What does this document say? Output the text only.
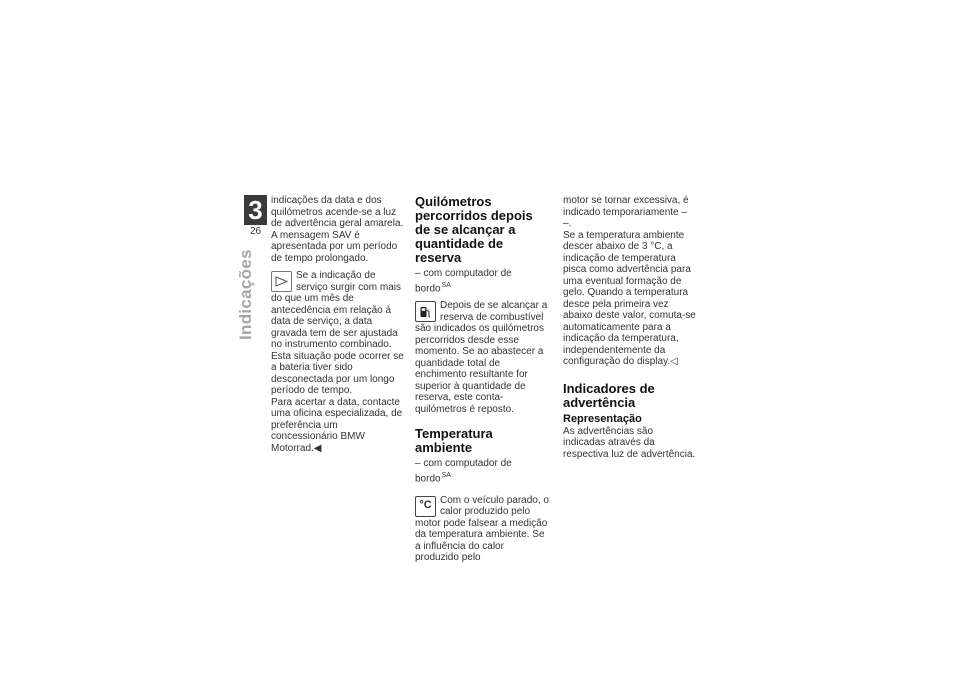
3
26
Indicações

indicações da data e dos quilómetros acende-se a luz de advertência geral amarela. A mensagem SAV é apresentada por um período de tempo prolongado.

Se a indicação de serviço surgir com mais do que um mês de antecedência em relação à data de serviço, a data gravada tem de ser ajustada no instrumento combinado. Esta situação pode ocorrer se a bateria tiver sido desconectada por um longo período de tempo.

Para acertar a data, contacte uma oficina especializada, de preferência um concessionário BMW Motorrad.◀

Quilómetros percorridos depois de se alcançar a quantidade de reserva

– com computador de bordo$^{SA}$

Depois de se alcançar a reserva de combustível são indicados os quilómetros percorridos desde esse momento. Se ao abastecer a quantidade total de enchimento resultante for superior à quantidade de reserva, este conta-quilómetros é reposto.

Temperatura ambiente

– com computador de bordo$^{SA}$

°C Com o veículo parado, o calor produzido pelo motor pode falsear a medição da temperatura ambiente. Se a influência do calor produzido pelo

motor se tornar excessiva, é indicado temporariamente – –.

Se a temperatura ambiente descer abaixo de 3 °C, a indicação de temperatura pisca como advertência para uma eventual formação de gelo. Quando a temperatura desce pela primeira vez abaixo deste valor, comuta-se automaticamente para a indicação da temperatura, independentemente da configuração do display.◁

Indicadores de advertência
Representação

As advertências são indicadas através da respectiva luz de advertência.
